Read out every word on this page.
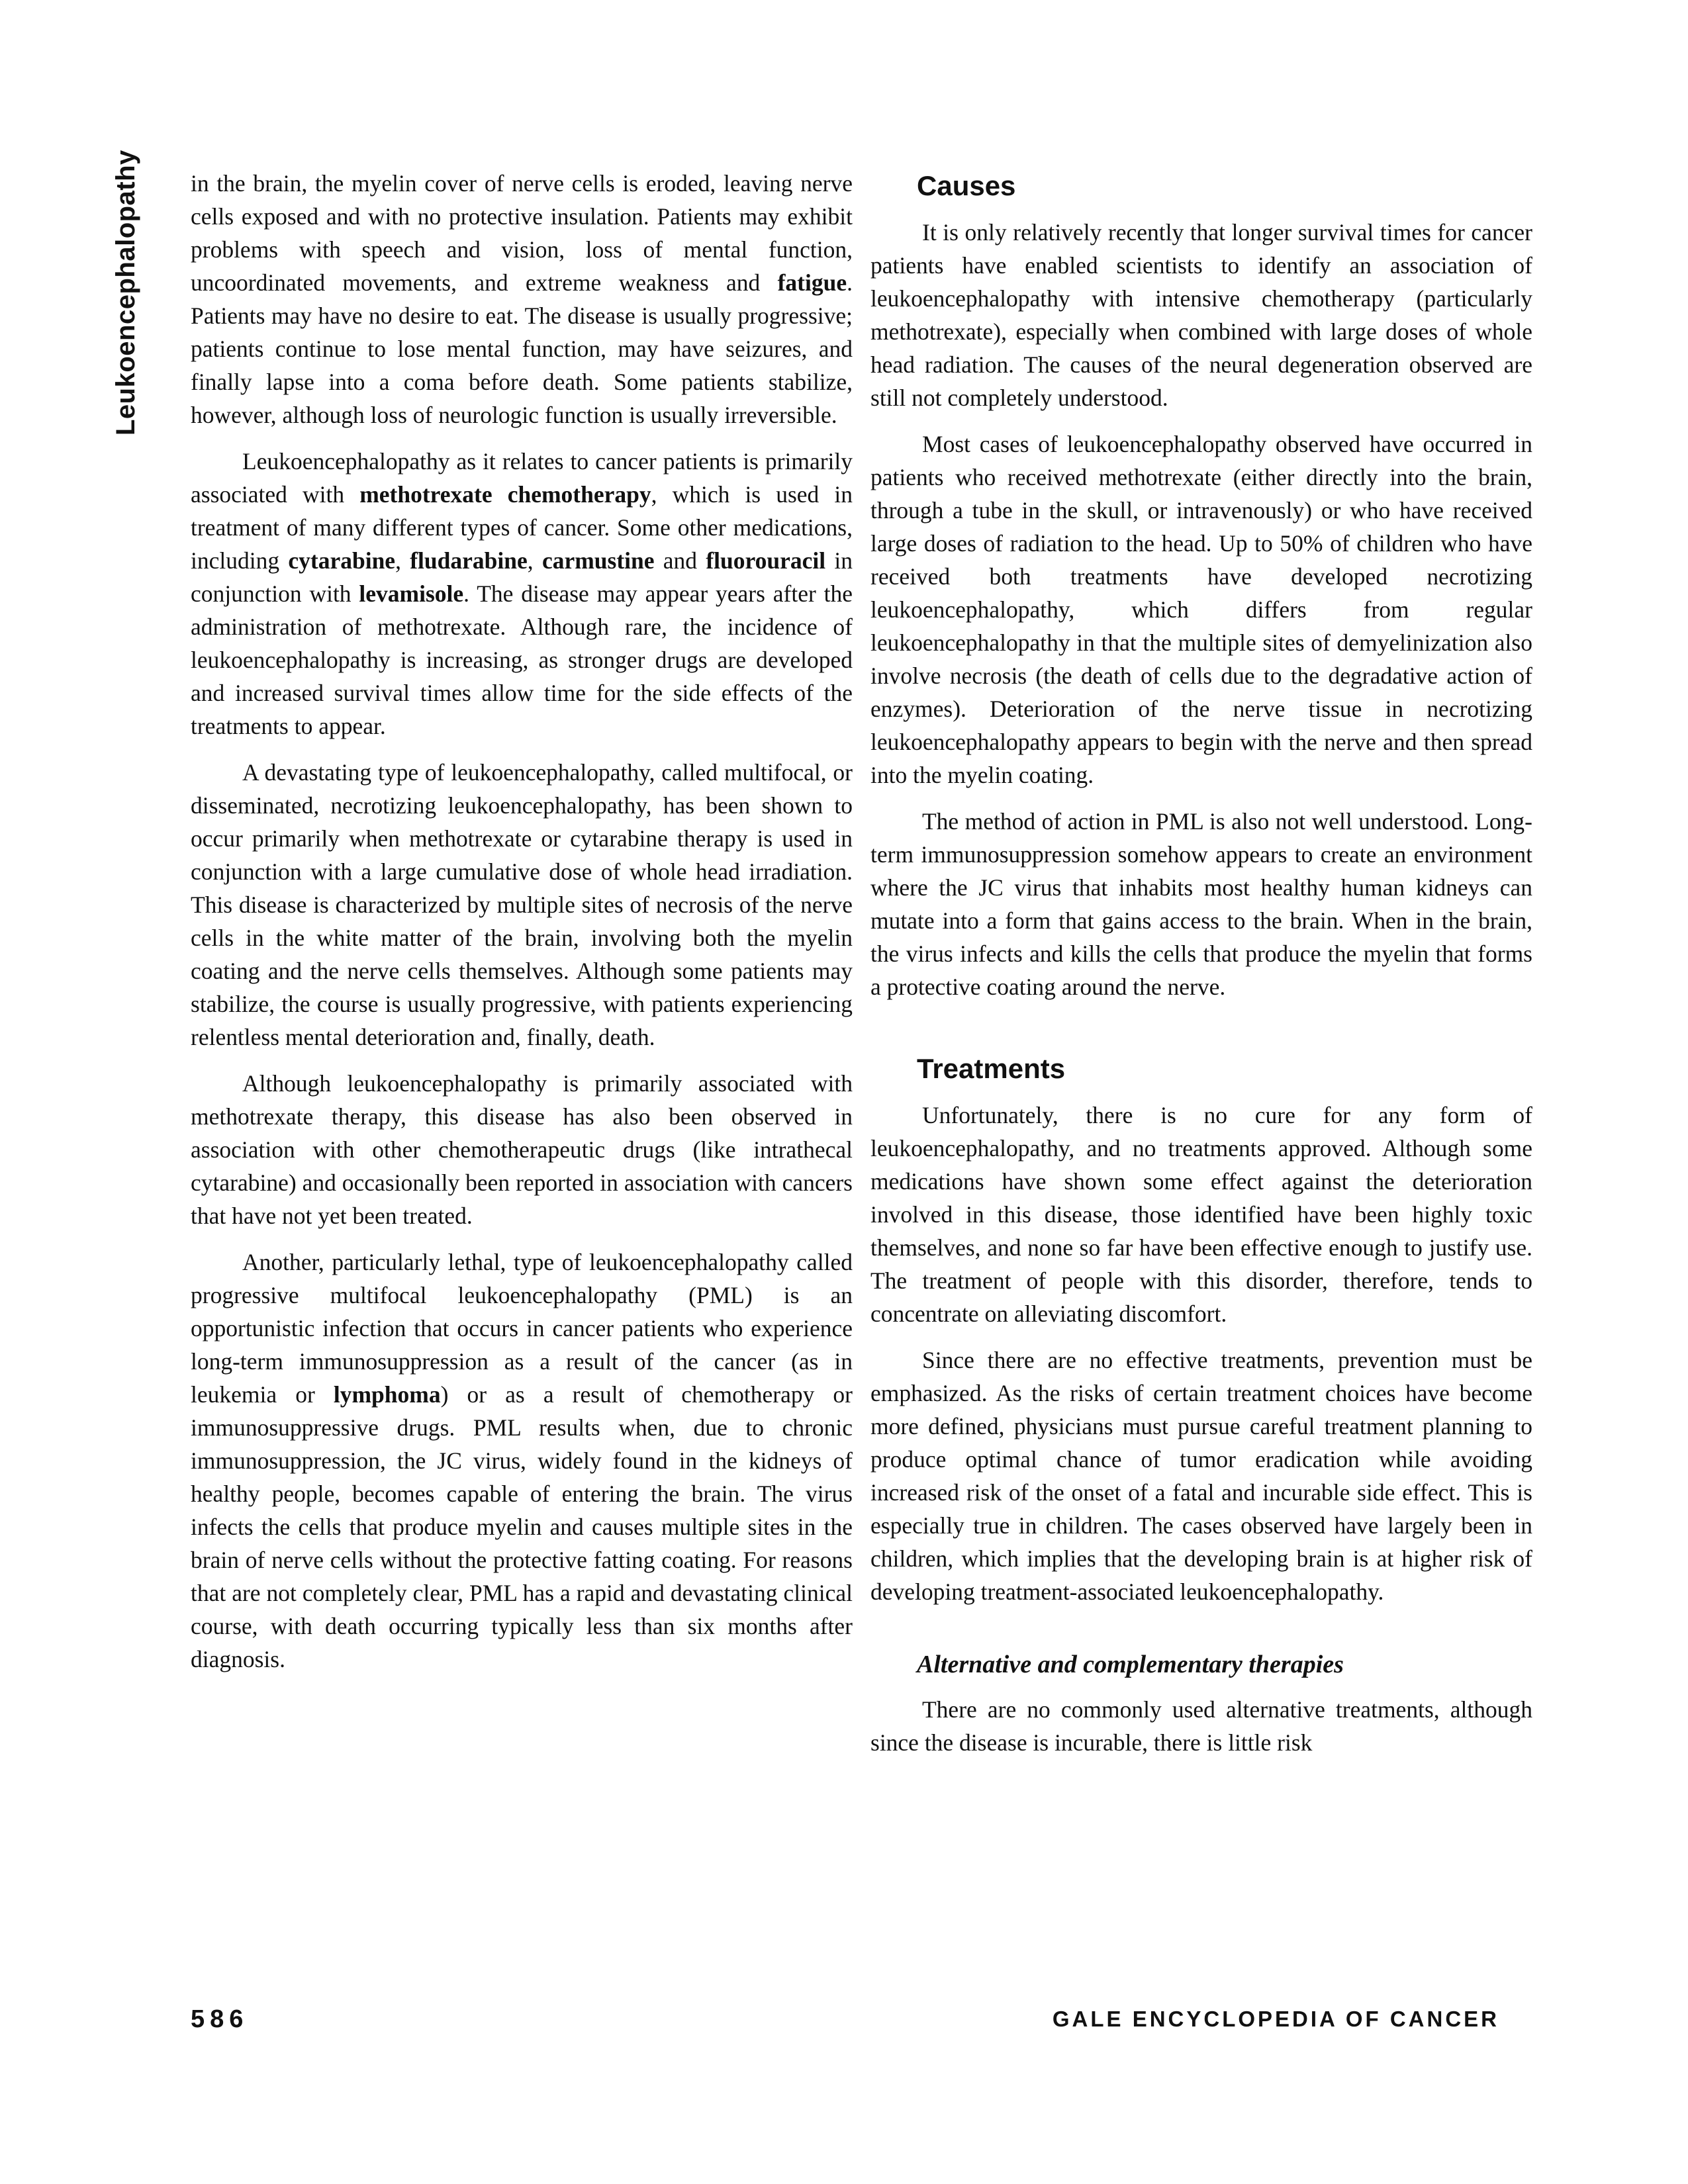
Leukoencephalopathy in the brain, the myelin cover of nerve cells is eroded, leaving nerve cells exposed and with no protective insulation. Patients may exhibit problems with speech and vision, loss of mental function, uncoordinated movements, and extreme weakness and fatigue. Patients may have no desire to eat. The disease is usually progressive; patients continue to lose mental function, may have seizures, and finally lapse into a coma before death. Some patients stabilize, however, although loss of neurologic function is usually irreversible.

Leukoencephalopathy as it relates to cancer patients is primarily associated with methotrexate chemotherapy, which is used in treatment of many different types of cancer. Some other medications, including cytarabine, fludarabine, carmustine and fluorouracil in conjunction with levamisole. The disease may appear years after the administration of methotrexate. Although rare, the incidence of leukoencephalopathy is increasing, as stronger drugs are developed and increased survival times allow time for the side effects of the treatments to appear.

A devastating type of leukoencephalopathy, called multifocal, or disseminated, necrotizing leukoencephalopathy, has been shown to occur primarily when methotrexate or cytarabine therapy is used in conjunction with a large cumulative dose of whole head irradiation. This disease is characterized by multiple sites of necrosis of the nerve cells in the white matter of the brain, involving both the myelin coating and the nerve cells themselves. Although some patients may stabilize, the course is usually progressive, with patients experiencing relentless mental deterioration and, finally, death.

Although leukoencephalopathy is primarily associated with methotrexate therapy, this disease has also been observed in association with other chemotherapeutic drugs (like intrathecal cytarabine) and occasionally been reported in association with cancers that have not yet been treated.

Another, particularly lethal, type of leukoencephalopathy called progressive multifocal leukoencephalopathy (PML) is an opportunistic infection that occurs in cancer patients who experience long-term immunosuppression as a result of the cancer (as in leukemia or lymphoma) or as a result of chemotherapy or immunosuppressive drugs. PML results when, due to chronic immunosuppression, the JC virus, widely found in the kidneys of healthy people, becomes capable of entering the brain. The virus infects the cells that produce myelin and causes multiple sites in the brain of nerve cells without the protective fatting coating. For reasons that are not completely clear, PML has a rapid and devastating clinical course, with death occurring typically less than six months after diagnosis.

Causes

It is only relatively recently that longer survival times for cancer patients have enabled scientists to identify an association of leukoencephalopathy with intensive chemotherapy (particularly methotrexate), especially when combined with large doses of whole head radiation. The causes of the neural degeneration observed are still not completely understood.

Most cases of leukoencephalopathy observed have occurred in patients who received methotrexate (either directly into the brain, through a tube in the skull, or intravenously) or who have received large doses of radiation to the head. Up to 50% of children who have received both treatments have developed necrotizing leukoencephalopathy, which differs from regular leukoencephalopathy in that the multiple sites of demyelinization also involve necrosis (the death of cells due to the degradative action of enzymes). Deterioration of the nerve tissue in necrotizing leukoencephalopathy appears to begin with the nerve and then spread into the myelin coating.

The method of action in PML is also not well understood. Long-term immunosuppression somehow appears to create an environment where the JC virus that inhabits most healthy human kidneys can mutate into a form that gains access to the brain. When in the brain, the virus infects and kills the cells that produce the myelin that forms a protective coating around the nerve.

Treatments

Unfortunately, there is no cure for any form of leukoencephalopathy, and no treatments approved. Although some medications have shown some effect against the deterioration involved in this disease, those identified have been highly toxic themselves, and none so far have been effective enough to justify use. The treatment of people with this disorder, therefore, tends to concentrate on alleviating discomfort.

Since there are no effective treatments, prevention must be emphasized. As the risks of certain treatment choices have become more defined, physicians must pursue careful treatment planning to produce optimal chance of tumor eradication while avoiding increased risk of the onset of a fatal and incurable side effect. This is especially true in children. The cases observed have largely been in children, which implies that the developing brain is at higher risk of developing treatment-associated leukoencephalopathy.

Alternative and complementary therapies

There are no commonly used alternative treatments, although since the disease is incurable, there is little risk

586	GALE ENCYCLOPEDIA OF CANCER
